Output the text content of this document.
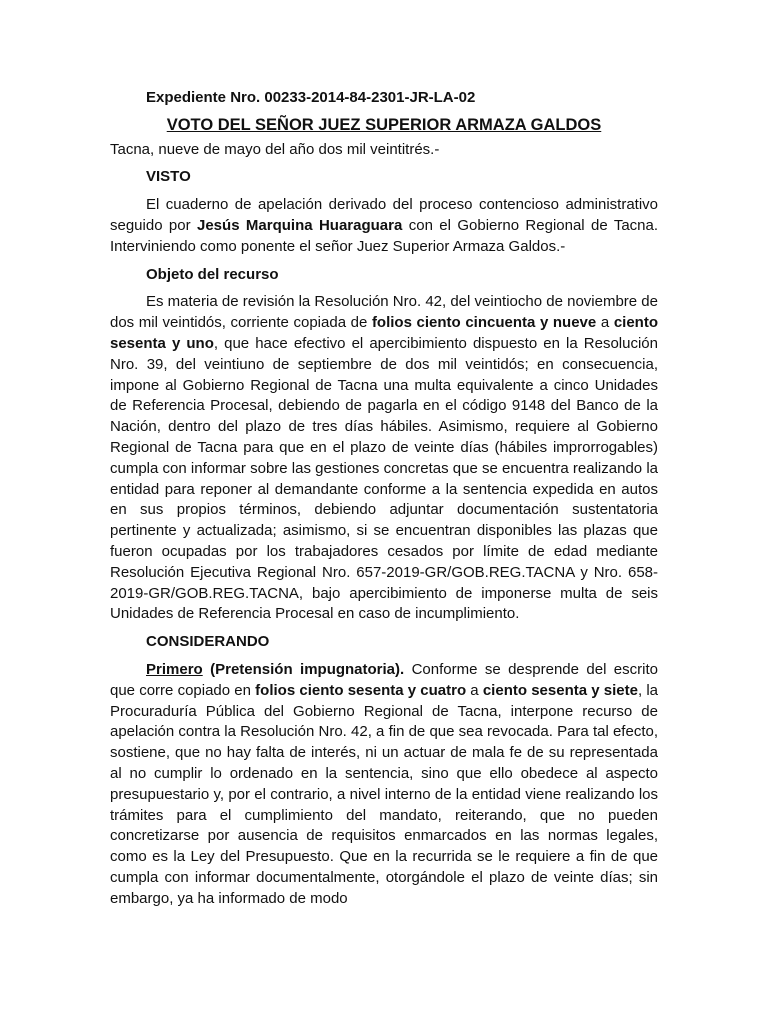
Expediente Nro. 00233-2014-84-2301-JR-LA-02

VOTO DEL SEÑOR JUEZ SUPERIOR ARMAZA GALDOS

Tacna, nueve de mayo del año dos mil veintitrés.-

VISTO

El cuaderno de apelación derivado del proceso contencioso administrativo seguido por Jesús Marquina Huaraguara con el Gobierno Regional de Tacna. Interviniendo como ponente el señor Juez Superior Armaza Galdos.-

Objeto del recurso

Es materia de revisión la Resolución Nro. 42, del veintiocho de noviembre de dos mil veintidós, corriente copiada de folios ciento cincuenta y nueve a ciento sesenta y uno, que hace efectivo el apercibimiento dispuesto en la Resolución Nro. 39, del veintiuno de septiembre de dos mil veintidós; en consecuencia, impone al Gobierno Regional de Tacna una multa equivalente a cinco Unidades de Referencia Procesal, debiendo de pagarla en el código 9148 del Banco de la Nación, dentro del plazo de tres días hábiles. Asimismo, requiere al Gobierno Regional de Tacna para que en el plazo de veinte días (hábiles improrrogables) cumpla con informar sobre las gestiones concretas que se encuentra realizando la entidad para reponer al demandante conforme a la sentencia expedida en autos en sus propios términos, debiendo adjuntar documentación sustentatoria pertinente y actualizada; asimismo, si se encuentran disponibles las plazas que fueron ocupadas por los trabajadores cesados por límite de edad mediante Resolución Ejecutiva Regional Nro. 657-2019-GR/GOB.REG.TACNA y Nro. 658-2019-GR/GOB.REG.TACNA, bajo apercibimiento de imponerse multa de seis Unidades de Referencia Procesal en caso de incumplimiento.

CONSIDERANDO

Primero (Pretensión impugnatoria). Conforme se desprende del escrito que corre copiado en folios ciento sesenta y cuatro a ciento sesenta y siete, la Procuraduría Pública del Gobierno Regional de Tacna, interpone recurso de apelación contra la Resolución Nro. 42, a fin de que sea revocada. Para tal efecto, sostiene, que no hay falta de interés, ni un actuar de mala fe de su representada al no cumplir lo ordenado en la sentencia, sino que ello obedece al aspecto presupuestario y, por el contrario, a nivel interno de la entidad viene realizando los trámites para el cumplimiento del mandato, reiterando, que no pueden concretizarse por ausencia de requisitos enmarcados en las normas legales, como es la Ley del Presupuesto. Que en la recurrida se le requiere a fin de que cumpla con informar documentalmente, otorgándole el plazo de veinte días; sin embargo, ya ha informado de modo
